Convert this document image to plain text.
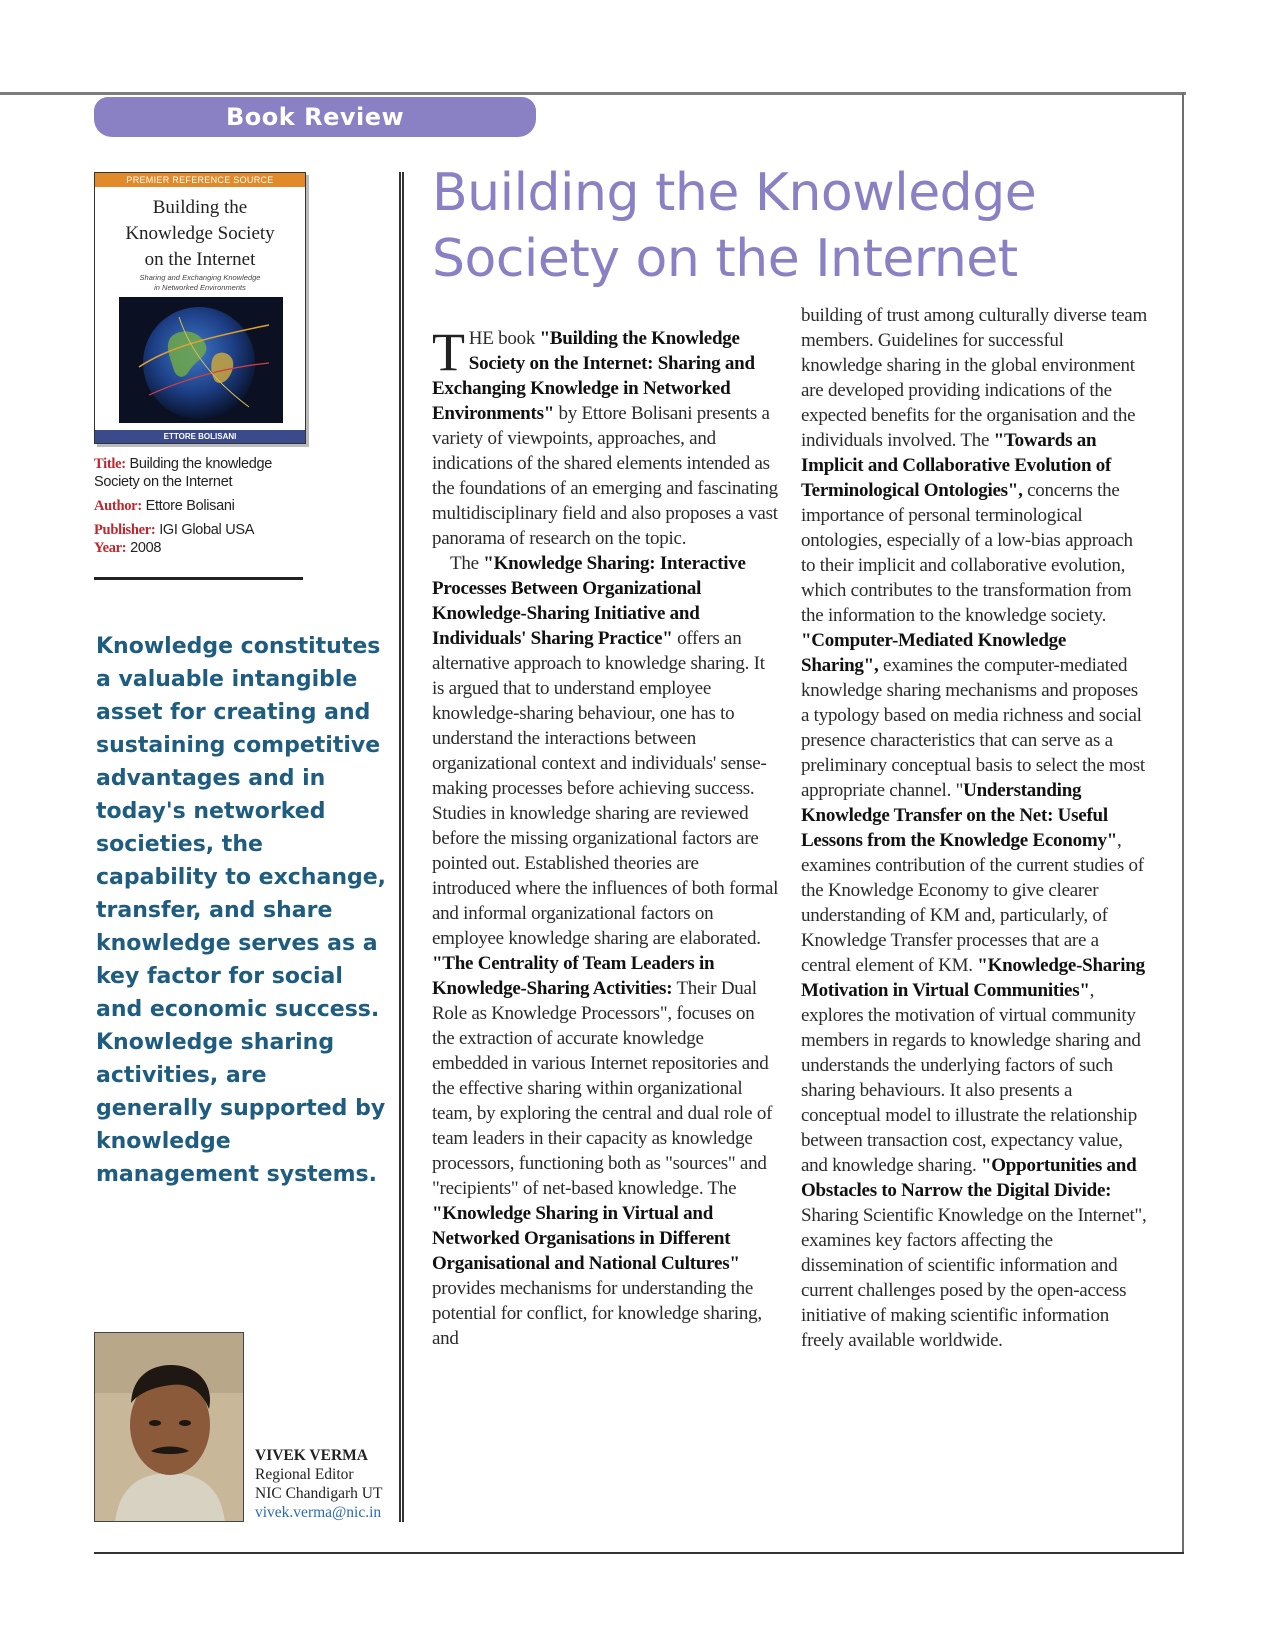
Book Review
PREMIER REFERENCE SOURCE
Building the
Knowledge Society
on the Internet
Sharing and Exchanging Knowledge
in Networked Environments
ETTORE BOLISANI

Title: Building the knowledge Society on the Internet

Author: Ettore Bolisani

Publisher: IGI Global USA

Year: 2008

Knowledge constitutes a valuable intangible asset for creating and sustaining competitive advantages and in today's networked societies, the capability to exchange, transfer, and share knowledge serves as a key factor for social and economic success. Knowledge sharing activities, are generally supported by knowledge management systems.
VIVEK VERMA
Regional Editor
NIC Chandigarh UT
vivek.verma@nic.in
Building the Knowledge Society on the Internet

THE book "Building the Knowledge Society on the Internet: Sharing and Exchanging Knowledge in Networked Environments" by Ettore Bolisani presents a variety of viewpoints, approaches, and indications of the shared elements intended as the foundations of an emerging and fascinating multidisciplinary field and also proposes a vast panorama of research on the topic.

The "Knowledge Sharing: Interactive Processes Between Organizational Knowledge-Sharing Initiative and Individuals' Sharing Practice" offers an alternative approach to knowledge sharing. It is argued that to understand employee knowledge-sharing behaviour, one has to understand the interactions between organizational context and individuals' sense-making processes before achieving success. Studies in knowledge sharing are reviewed before the missing organizational factors are pointed out. Established theories are introduced where the influences of both formal and informal organizational factors on employee knowledge sharing are elaborated. "The Centrality of Team Leaders in Knowledge-Sharing Activities: Their Dual Role as Knowledge Processors", focuses on the extraction of accurate knowledge embedded in various Internet repositories and the effective sharing within organizational team, by exploring the central and dual role of team leaders in their capacity as knowledge processors, functioning both as "sources" and "recipients" of net-based knowledge. The "Knowledge Sharing in Virtual and Networked Organisations in Different Organisational and National Cultures" provides mechanisms for understanding the potential for conflict, for knowledge sharing, and

building of trust among culturally diverse team members. Guidelines for successful knowledge sharing in the global environment are developed providing indications of the expected benefits for the organisation and the individuals involved. The "Towards an Implicit and Collaborative Evolution of Terminological Ontologies", concerns the importance of personal terminological ontologies, especially of a low-bias approach to their implicit and collaborative evolution, which contributes to the transformation from the information to the knowledge society. "Computer-Mediated Knowledge Sharing", examines the computer-mediated knowledge sharing mechanisms and proposes a typology based on media richness and social presence characteristics that can serve as a preliminary conceptual basis to select the most appropriate channel. "Understanding Knowledge Transfer on the Net: Useful Lessons from the Knowledge Economy", examines contribution of the current studies of the Knowledge Economy to give clearer understanding of KM and, particularly, of Knowledge Transfer processes that are a central element of KM. "Knowledge-Sharing Motivation in Virtual Communities", explores the motivation of virtual community members in regards to knowledge sharing and understands the underlying factors of such sharing behaviours. It also presents a conceptual model to illustrate the relationship between transaction cost, expectancy value, and knowledge sharing. "Opportunities and Obstacles to Narrow the Digital Divide: Sharing Scientific Knowledge on the Internet", examines key factors affecting the dissemination of scientific information and current challenges posed by the open-access initiative of making scientific information freely available worldwide.
